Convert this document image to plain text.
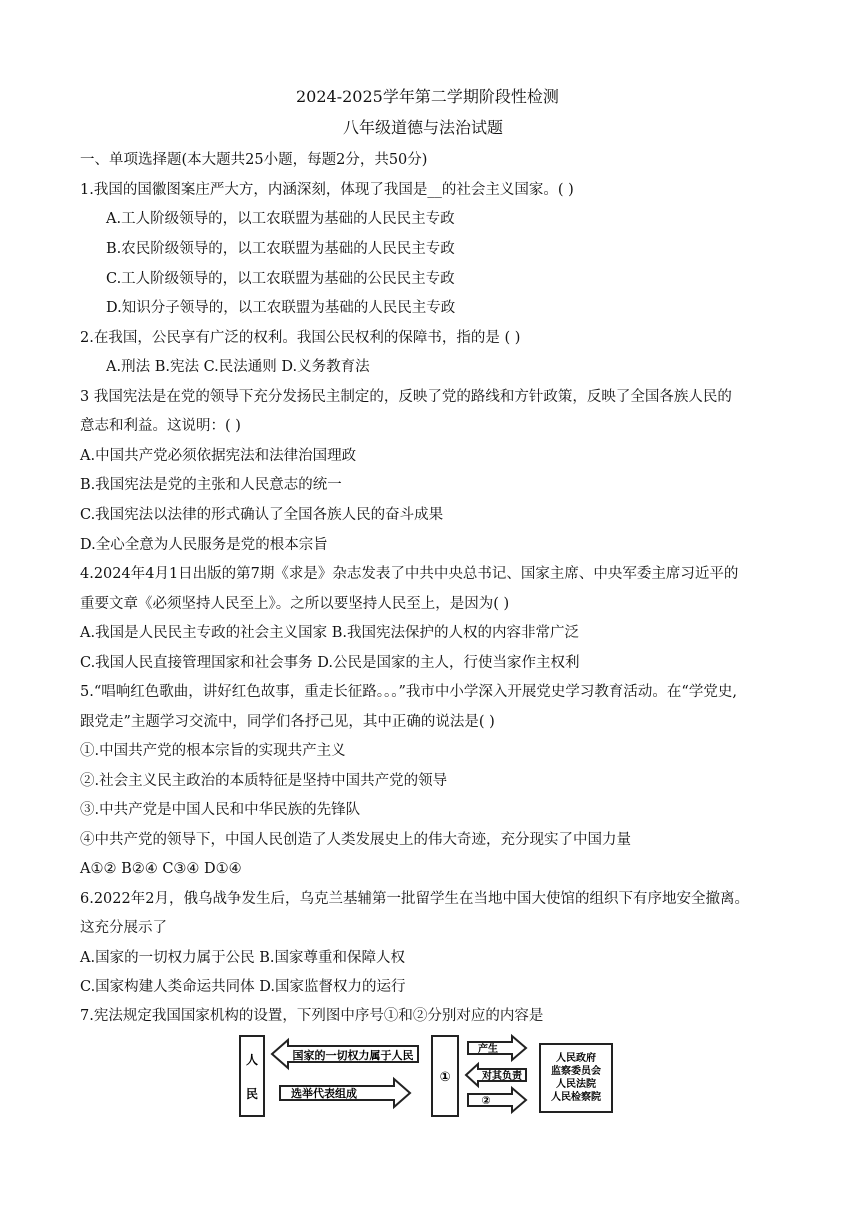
2024-2025学年第二学期阶段性检测
八年级道德与法治试题
一、单项选择题(本大题共25小题，每题2分，共50分)
1.我国的国徽图案庄严大方，内涵深刻，体现了我国是__的社会主义国家。( )
A.工人阶级领导的，以工农联盟为基础的人民民主专政
B.农民阶级领导的，以工农联盟为基础的人民民主专政
C.工人阶级领导的，以工农联盟为基础的公民民主专政
D.知识分子领导的，以工农联盟为基础的人民民主专政
2.在我国，公民享有广泛的权利。我国公民权利的保障书，指的是 ( )
A.刑法 B.宪法 C.民法通则 D.义务教育法
3 我国宪法是在党的领导下充分发扬民主制定的，反映了党的路线和方针政策，反映了全国各族人民的
意志和利益。这说明：( )
A.中国共产党必须依据宪法和法律治国理政
B.我国宪法是党的主张和人民意志的统一
C.我国宪法以法律的形式确认了全国各族人民的奋斗成果
D.全心全意为人民服务是党的根本宗旨
4.2024年4月1日出版的第7期《求是》杂志发表了中共中央总书记、国家主席、中央军委主席习近平的
重要文章《必须坚持人民至上》。之所以要坚持人民至上，是因为( )
A.我国是人民民主专政的社会主义国家 B.我国宪法保护的人权的内容非常广泛
C.我国人民直接管理国家和社会事务 D.公民是国家的主人，行使当家作主权利
5.“唱响红色歌曲，讲好红色故事，重走长征路。。。”我市中小学深入开展党史学习教育活动。在“学党史,
跟党走”主题学习交流中，同学们各抒己见，其中正确的说法是( )
①.中国共产党的根本宗旨的实现共产主义
②.社会主义民主政治的本质特征是坚持中国共产党的领导
③.中共产党是中国人民和中华民族的先锋队
④中共产党的领导下，中国人民创造了人类发展史上的伟大奇迹，充分现实了中国力量
A①② B②④ C③④ D①④
6.2022年2月，俄乌战争发生后，乌克兰基辅第一批留学生在当地中国大使馆的组织下有序地安全撤离。
这充分展示了
A.国家的一切权力属于公民 B.国家尊重和保障人权
C.国家构建人类命运共同体 D.国家监督权力的运行
7.宪法规定我国国家机构的设置，下列图中序号①和②分别对应的内容是
人
民
国家的一切权力属于人民
选举代表组成
①
产生
对其负责
②
人民政府
监察委员会
人民法院
人民检察院
